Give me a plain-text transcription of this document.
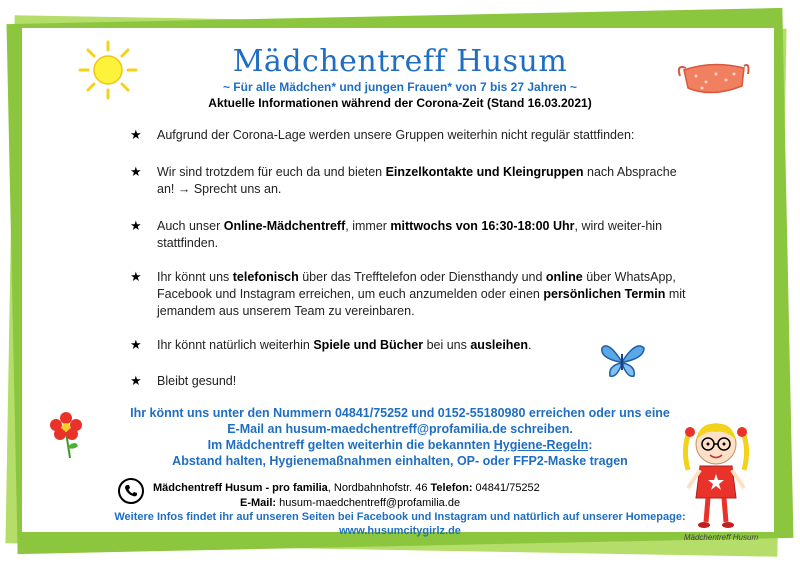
Mädchentreff Husum
~ Für alle Mädchen* und jungen Frauen* von 7 bis 27 Jahren ~
Aktuelle Informationen während der Corona-Zeit (Stand 16.03.2021)
★ Aufgrund der Corona-Lage werden unsere Gruppen weiterhin nicht regulär stattfinden:
★ Wir sind trotzdem für euch da und bieten Einzelkontakte und Kleingruppen nach Absprache an! → Sprecht uns an.
★ Auch unser Online-Mädchentreff, immer mittwochs von 16:30-18:00 Uhr, wird weiter-hin stattfinden.
★ Ihr könnt uns telefonisch über das Trefftelefon oder Diensthandy und online über WhatsApp, Facebook und Instagram erreichen, um euch anzumelden oder einen persönlichen Termin mit jemandem aus unserem Team zu vereinbaren.
★ Ihr könnt natürlich weiterhin Spiele und Bücher bei uns ausleihen.
★ Bleibt gesund!
Ihr könnt uns unter den Nummern 04841/75252 und 0152-55180980 erreichen oder uns eine
E-Mail an husum-maedchentreff@profamilia.de schreiben.
Im Mädchentreff gelten weiterhin die bekannten Hygiene-Regeln:
Abstand halten, Hygienemaßnahmen einhalten, OP- oder FFP2-Maske tragen
Mädchentreff Husum - pro familia, Nordbahnhofstr. 46 Telefon: 04841/75252
E-Mail: husum-maedchentreff@profamilia.de
Weitere Infos findet ihr auf unseren Seiten bei Facebook und Instagram und natürlich auf unserer Homepage:
www.husumcitygirlz.de
Mädchentreff Husum
